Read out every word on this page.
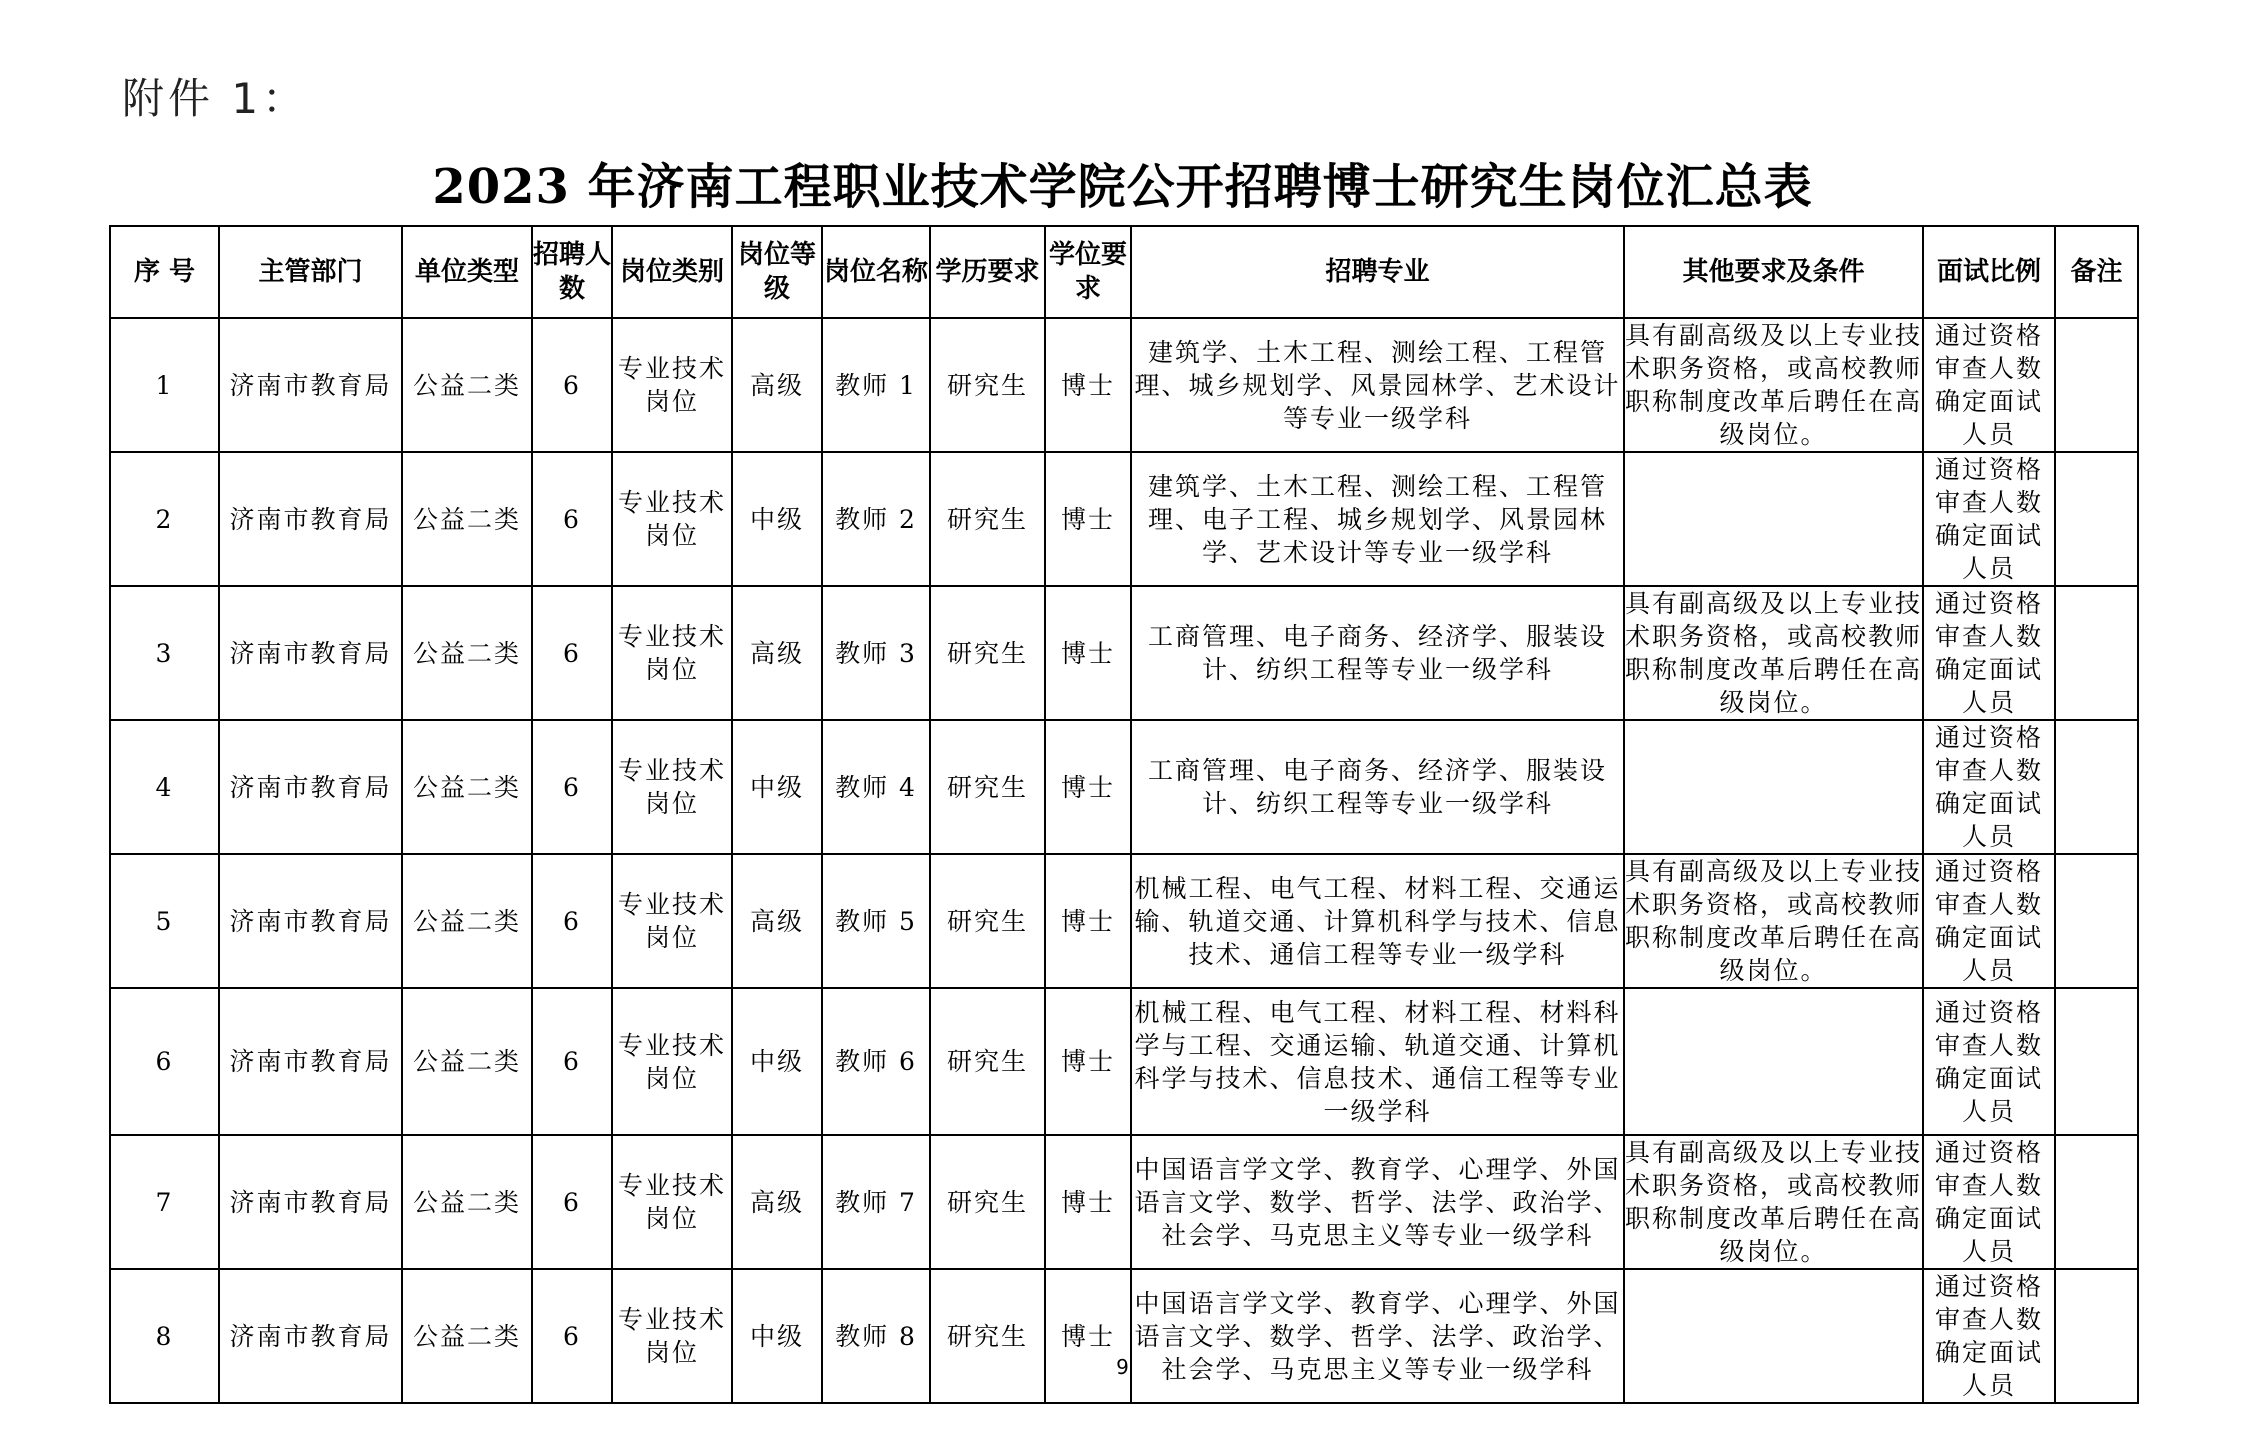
附件 1：
2023 年济南工程职业技术学院公开招聘博士研究生岗位汇总表
序 号	主管部门	单位类型	招聘人数	岗位类别	岗位等级	岗位名称	学历要求	学位要求	招聘专业	其他要求及条件	面试比例	备注
1	济南市教育局	公益二类	6	专业技术岗位	高级	教师 1	研究生	博士	建筑学、土木工程、测绘工程、工程管理、城乡规划学、风景园林学、艺术设计等专业一级学科	具有副高级及以上专业技术职务资格，或高校教师职称制度改革后聘任在高级岗位。	通过资格审查人数确定面试人员	
2	济南市教育局	公益二类	6	专业技术岗位	中级	教师 2	研究生	博士	建筑学、土木工程、测绘工程、工程管理、电子工程、城乡规划学、风景园林学、艺术设计等专业一级学科		通过资格审查人数确定面试人员	
3	济南市教育局	公益二类	6	专业技术岗位	高级	教师 3	研究生	博士	工商管理、电子商务、经济学、服装设计、纺织工程等专业一级学科	具有副高级及以上专业技术职务资格，或高校教师职称制度改革后聘任在高级岗位。	通过资格审查人数确定面试人员	
4	济南市教育局	公益二类	6	专业技术岗位	中级	教师 4	研究生	博士	工商管理、电子商务、经济学、服装设计、纺织工程等专业一级学科		通过资格审查人数确定面试人员	
5	济南市教育局	公益二类	6	专业技术岗位	高级	教师 5	研究生	博士	机械工程、电气工程、材料工程、交通运输、轨道交通、计算机科学与技术、信息技术、通信工程等专业一级学科	具有副高级及以上专业技术职务资格，或高校教师职称制度改革后聘任在高级岗位。	通过资格审查人数确定面试人员	
6	济南市教育局	公益二类	6	专业技术岗位	中级	教师 6	研究生	博士	机械工程、电气工程、材料工程、材料科学与工程、交通运输、轨道交通、计算机科学与技术、信息技术、通信工程等专业一级学科		通过资格审查人数确定面试人员	
7	济南市教育局	公益二类	6	专业技术岗位	高级	教师 7	研究生	博士	中国语言学文学、教育学、心理学、外国语言文学、数学、哲学、法学、政治学、社会学、马克思主义等专业一级学科	具有副高级及以上专业技术职务资格，或高校教师职称制度改革后聘任在高级岗位。	通过资格审查人数确定面试人员	
8	济南市教育局	公益二类	6	专业技术岗位	中级	教师 8	研究生	博士	中国语言学文学、教育学、心理学、外国语言文学、数学、哲学、法学、政治学、社会学、马克思主义等专业一级学科		通过资格审查人数确定面试人员	
9
